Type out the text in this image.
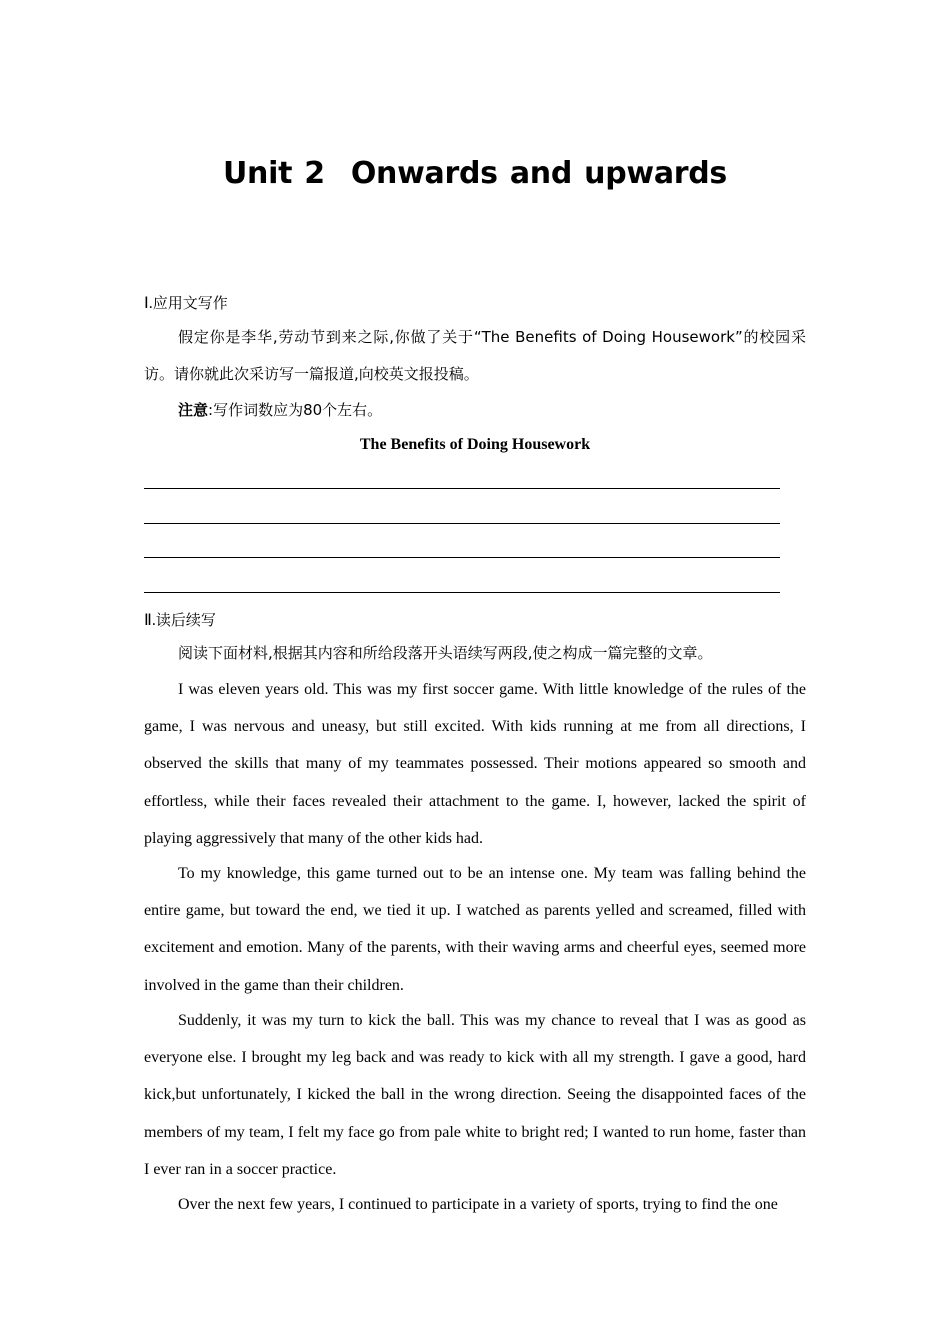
Unit 2 Onwards and upwards
Ⅰ.应用文写作
假定你是李华,劳动节到来之际,你做了关于“The Benefits of Doing Housework”的校园采访。请你就此次采访写一篇报道,向校英文报投稿。
注意:写作词数应为80个左右。
The Benefits of Doing Housework
Ⅱ.读后续写
阅读下面材料,根据其内容和所给段落开头语续写两段,使之构成一篇完整的文章。
I was eleven years old. This was my first soccer game. With little knowledge of the rules of the game, I was nervous and uneasy, but still excited. With kids running at me from all directions, I observed the skills that many of my teammates possessed. Their motions appeared so smooth and effortless, while their faces revealed their attachment to the game. I, however, lacked the spirit of playing aggressively that many of the other kids had.
To my knowledge, this game turned out to be an intense one. My team was falling behind the entire game, but toward the end, we tied it up. I watched as parents yelled and screamed, filled with excitement and emotion. Many of the parents, with their waving arms and cheerful eyes, seemed more involved in the game than their children.
Suddenly, it was my turn to kick the ball. This was my chance to reveal that I was as good as everyone else. I brought my leg back and was ready to kick with all my strength. I gave a good, hard kick,but unfortunately, I kicked the ball in the wrong direction. Seeing the disappointed faces of the members of my team, I felt my face go from pale white to bright red; I wanted to run home, faster than I ever ran in a soccer practice.
Over the next few years, I continued to participate in a variety of sports, trying to find the one
